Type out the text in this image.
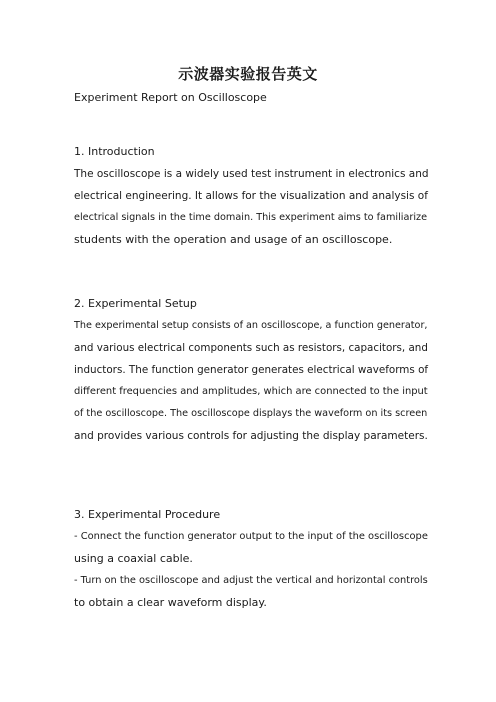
示波器实验报告英文
Experiment Report on Oscilloscope
1. Introduction
The oscilloscope is a widely used test instrument in electronics and
electrical engineering. It allows for the visualization and analysis of
electrical signals in the time domain. This experiment aims to familiarize
students with the operation and usage of an oscilloscope.
2. Experimental Setup
The experimental setup consists of an oscilloscope, a function generator,
and various electrical components such as resistors, capacitors, and
inductors. The function generator generates electrical waveforms of
different frequencies and amplitudes, which are connected to the input
of the oscilloscope. The oscilloscope displays the waveform on its screen
and provides various controls for adjusting the display parameters.
3. Experimental Procedure
- Connect the function generator output to the input of the oscilloscope
using a coaxial cable.
- Turn on the oscilloscope and adjust the vertical and horizontal controls
to obtain a clear waveform display.
